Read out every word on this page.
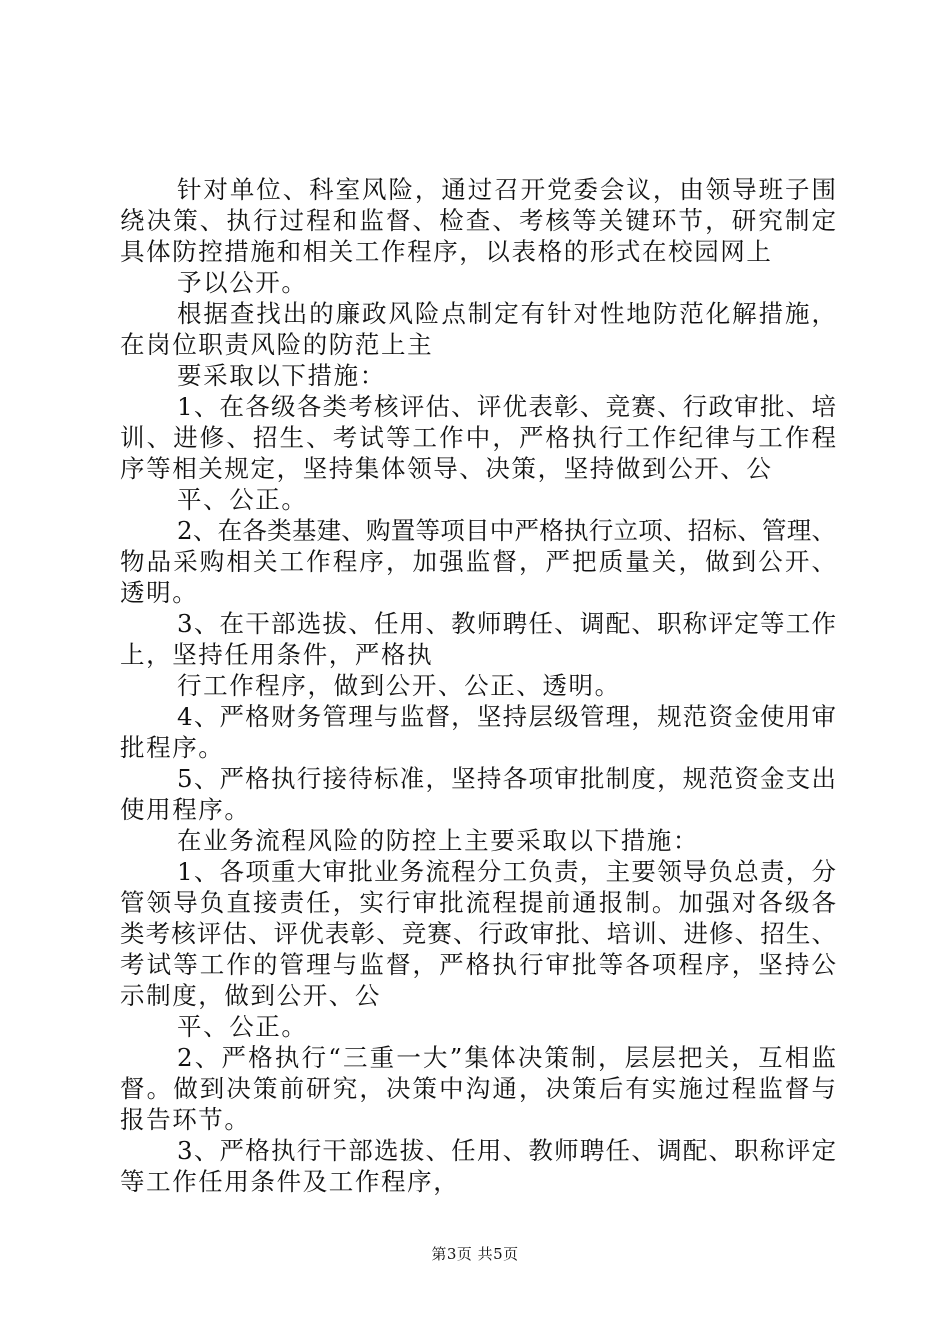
针对单位、科室风险，通过召开党委会议，由领导班子围
绕决策、执行过程和监督、检查、考核等关键环节，研究制定
具体防控措施和相关工作程序，以表格的形式在校园网上
予以公开。
根据查找出的廉政风险点制定有针对性地防范化解措施，
在岗位职责风险的防范上主
要采取以下措施：
1、在各级各类考核评估、评优表彰、竞赛、行政审批、培
训、进修、招生、考试等工作中，严格执行工作纪律与工作程
序等相关规定，坚持集体领导、决策，坚持做到公开、公
平、公正。
2、在各类基建、购置等项目中严格执行立项、招标、管理、
物品采购相关工作程序，加强监督，严把质量关，做到公开、
透明。
3、在干部选拔、任用、教师聘任、调配、职称评定等工作
上，坚持任用条件，严格执
行工作程序，做到公开、公正、透明。
4、严格财务管理与监督，坚持层级管理，规范资金使用审
批程序。
5、严格执行接待标准，坚持各项审批制度，规范资金支出
使用程序。
在业务流程风险的防控上主要采取以下措施：
1、各项重大审批业务流程分工负责，主要领导负总责，分
管领导负直接责任，实行审批流程提前通报制。加强对各级各
类考核评估、评优表彰、竞赛、行政审批、培训、进修、招生、
考试等工作的管理与监督，严格执行审批等各项程序，坚持公
示制度，做到公开、公
平、公正。
2、严格执行“三重一大”集体决策制，层层把关，互相监
督。做到决策前研究，决策中沟通，决策后有实施过程监督与
报告环节。
3、严格执行干部选拔、任用、教师聘任、调配、职称评定
等工作任用条件及工作程序，
第3页 共5页
